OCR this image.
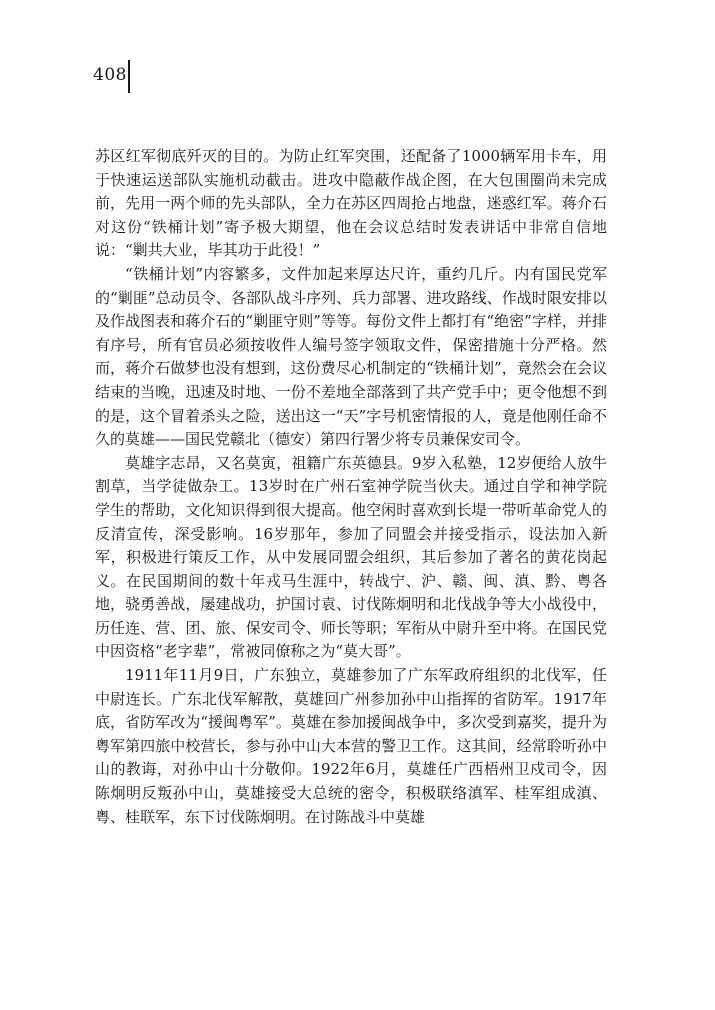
408

苏区红军彻底歼灭的目的。为防止红军突围，还配备了1000辆军用卡车，用于快速运送部队实施机动截击。进攻中隐蔽作战企图，在大包围圈尚未完成前，先用一两个师的先头部队，全力在苏区四周抢占地盘，迷惑红军。蒋介石对这份“铁桶计划”寄予极大期望，他在会议总结时发表讲话中非常自信地说：“剿共大业，毕其功于此役！”

“铁桶计划”内容繁多，文件加起来厚达尺许，重约几斤。内有国民党军的“剿匪”总动员令、各部队战斗序列、兵力部署、进攻路线、作战时限安排以及作战图表和蒋介石的“剿匪守则”等等。每份文件上都打有“绝密”字样，并排有序号，所有官员必须按收件人编号签字领取文件，保密措施十分严格。然而，蒋介石做梦也没有想到，这份费尽心机制定的“铁桶计划”，竟然会在会议结束的当晚，迅速及时地、一份不差地全部落到了共产党手中；更令他想不到的是，这个冒着杀头之险，送出这一“天”字号机密情报的人，竟是他刚任命不久的莫雄——国民党赣北（德安）第四行署少将专员兼保安司令。

莫雄字志昂，又名莫寅，祖籍广东英德县。9岁入私塾，12岁便给人放牛割草，当学徒做杂工。13岁时在广州石室神学院当伙夫。通过自学和神学院学生的帮助，文化知识得到很大提高。他空闲时喜欢到长堤一带听革命党人的反清宣传，深受影响。16岁那年，参加了同盟会并接受指示，设法加入新军，积极进行策反工作，从中发展同盟会组织，其后参加了著名的黄花岗起义。在民国期间的数十年戎马生涯中，转战宁、沪、赣、闽、滇、黔、粤各地，骁勇善战，屡建战功，护国讨袁、讨伐陈炯明和北伐战争等大小战役中，历任连、营、团、旅、保安司令、师长等职；军衔从中尉升至中将。在国民党中因资格“老字辈”，常被同僚称之为“莫大哥”。

1911年11月9日，广东独立，莫雄参加了广东军政府组织的北伐军，任中尉连长。广东北伐军解散，莫雄回广州参加孙中山指挥的省防军。1917年底，省防军改为“援闽粤军”。莫雄在参加援闽战争中，多次受到嘉奖，提升为粤军第四旅中校营长，参与孙中山大本营的警卫工作。这其间，经常聆听孙中山的教诲，对孙中山十分敬仰。1922年6月，莫雄任广西梧州卫戍司令，因陈炯明反叛孙中山，莫雄接受大总统的密令，积极联络滇军、桂军组成滇、粤、桂联军，东下讨伐陈炯明。在讨陈战斗中莫雄
